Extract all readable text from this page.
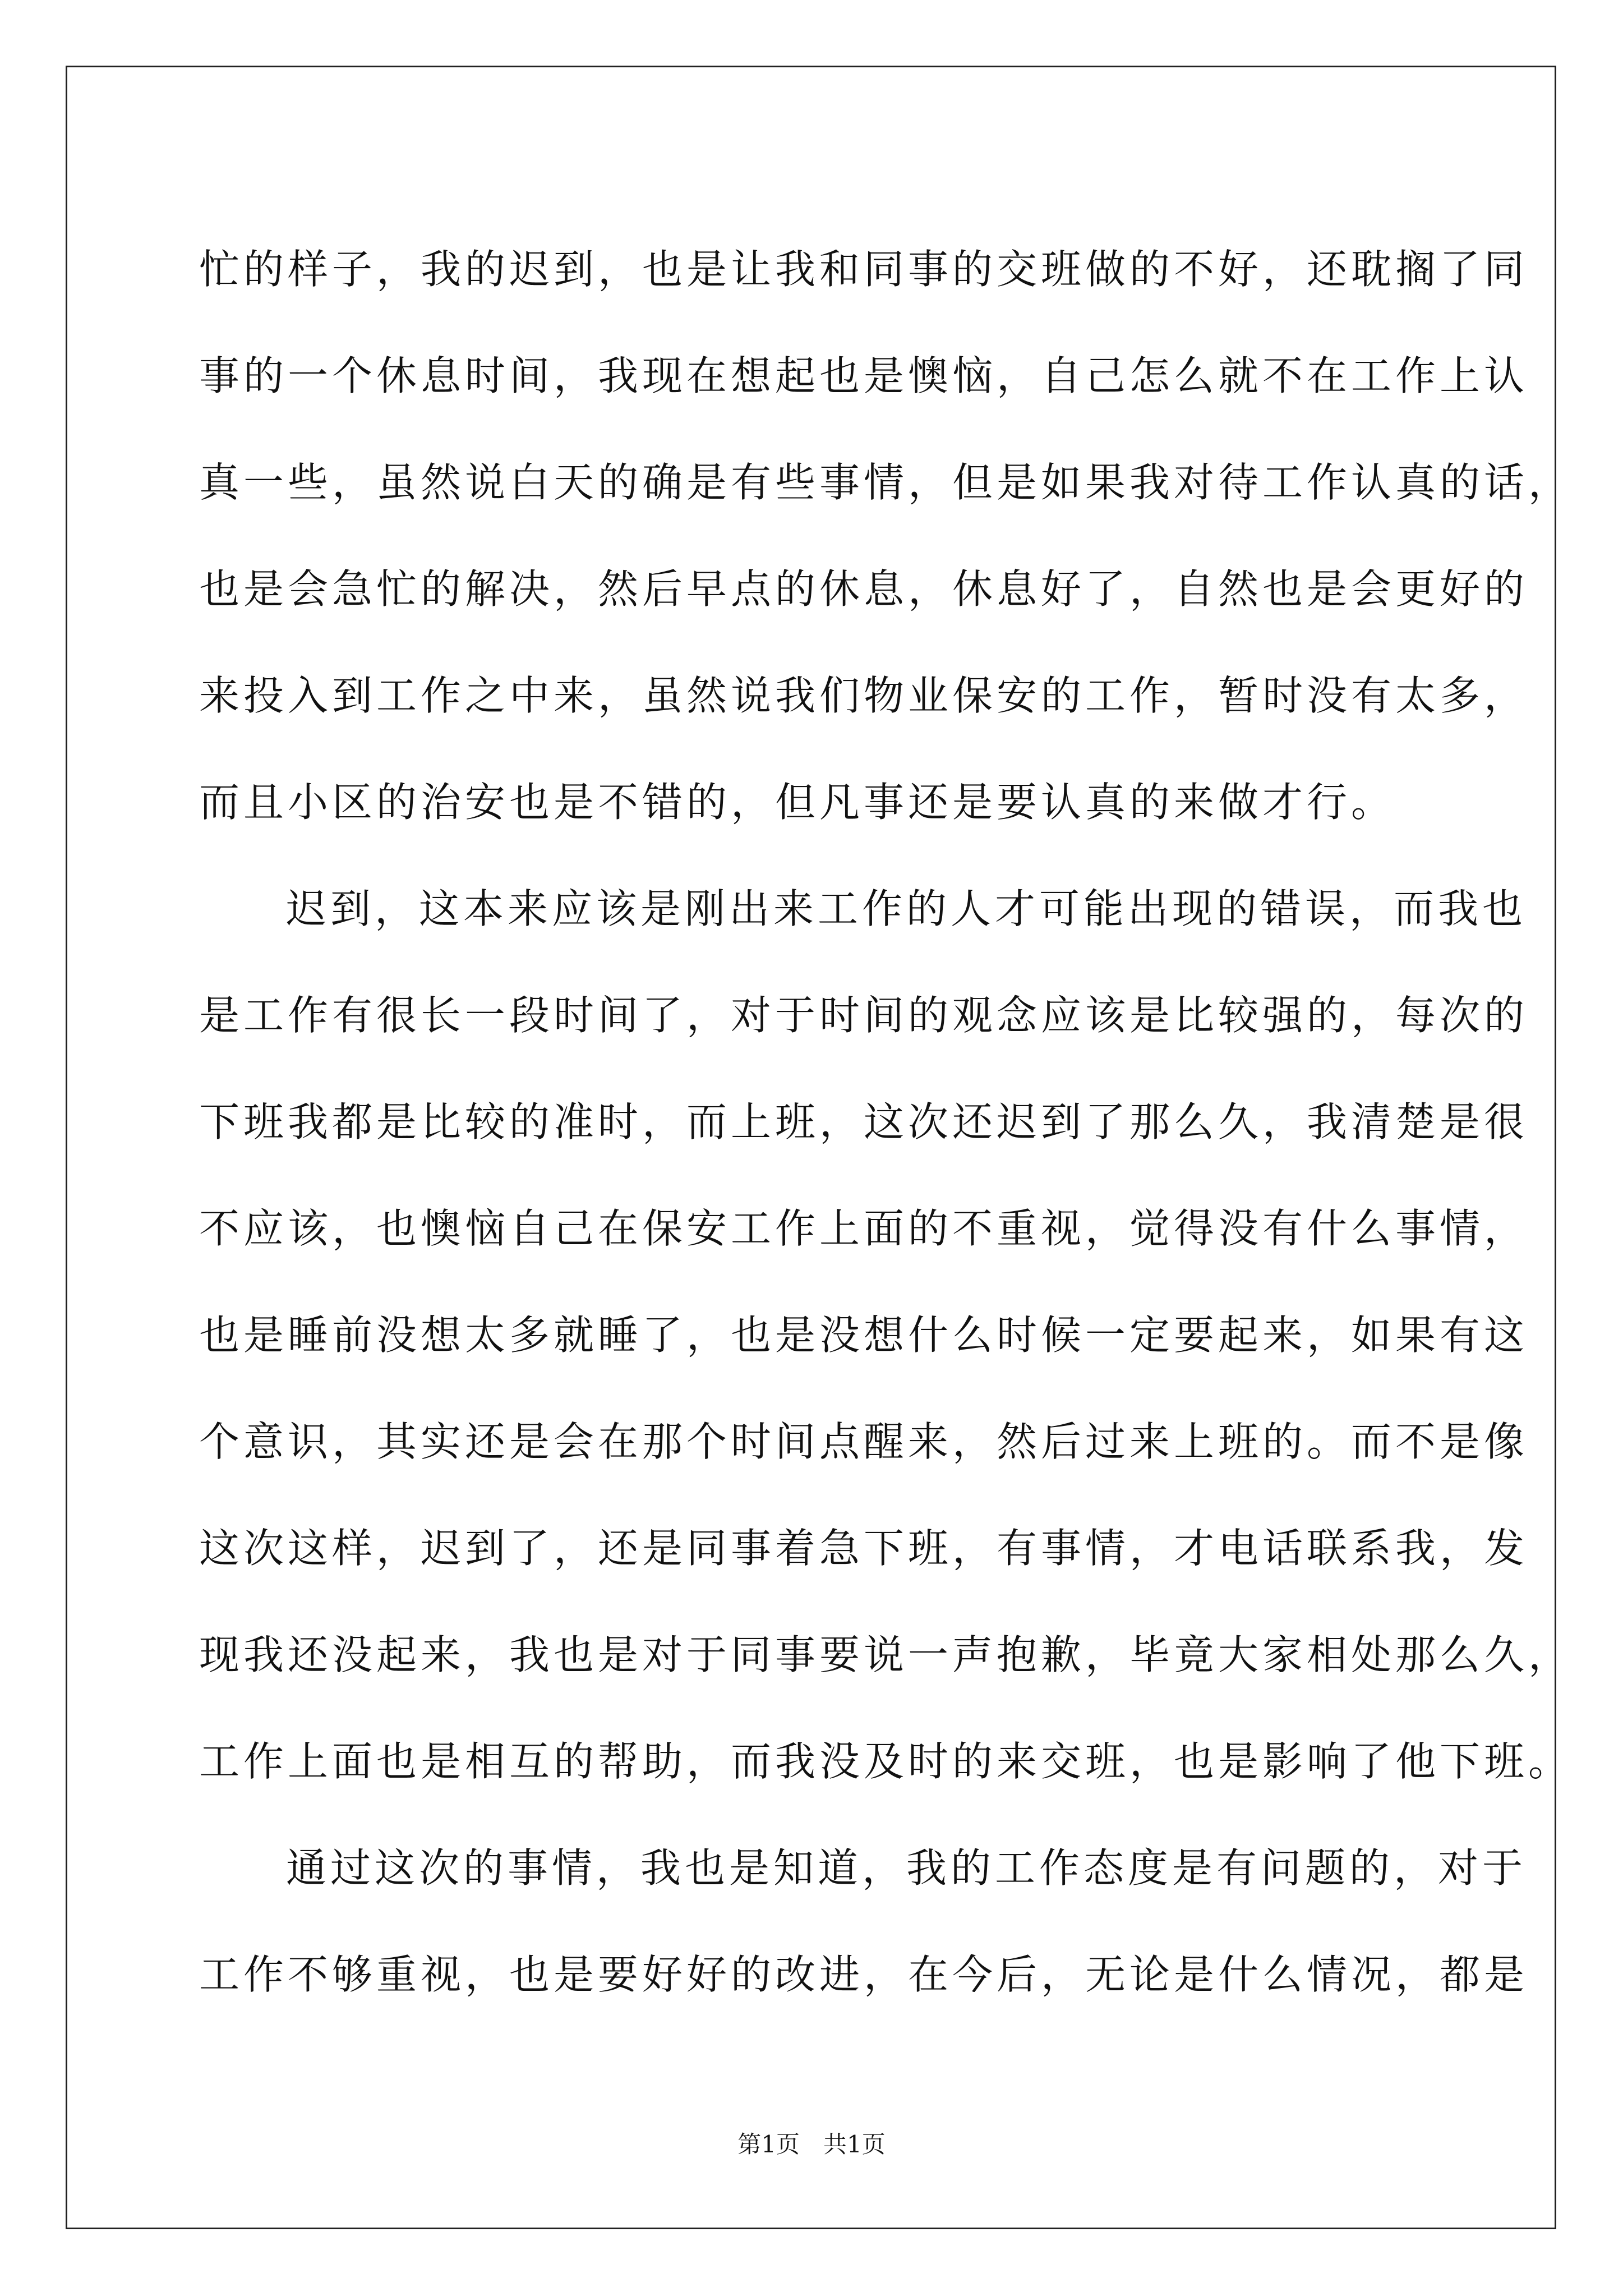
忙的样子，我的迟到，也是让我和同事的交班做的不好，还耽搁了同
事的一个休息时间，我现在想起也是懊恼，自己怎么就不在工作上认
真一些，虽然说白天的确是有些事情，但是如果我对待工作认真的话，
也是会急忙的解决，然后早点的休息，休息好了，自然也是会更好的
来投入到工作之中来，虽然说我们物业保安的工作，暂时没有太多，
而且小区的治安也是不错的，但凡事还是要认真的来做才行。
迟到，这本来应该是刚出来工作的人才可能出现的错误，而我也
是工作有很长一段时间了，对于时间的观念应该是比较强的，每次的
下班我都是比较的准时，而上班，这次还迟到了那么久，我清楚是很
不应该，也懊恼自己在保安工作上面的不重视，觉得没有什么事情，
也是睡前没想太多就睡了，也是没想什么时候一定要起来，如果有这
个意识，其实还是会在那个时间点醒来，然后过来上班的。而不是像
这次这样，迟到了，还是同事着急下班，有事情，才电话联系我，发
现我还没起来，我也是对于同事要说一声抱歉，毕竟大家相处那么久，
工作上面也是相互的帮助，而我没及时的来交班，也是影响了他下班。
通过这次的事情，我也是知道，我的工作态度是有问题的，对于
工作不够重视，也是要好好的改进，在今后，无论是什么情况，都是
第1页　共1页
